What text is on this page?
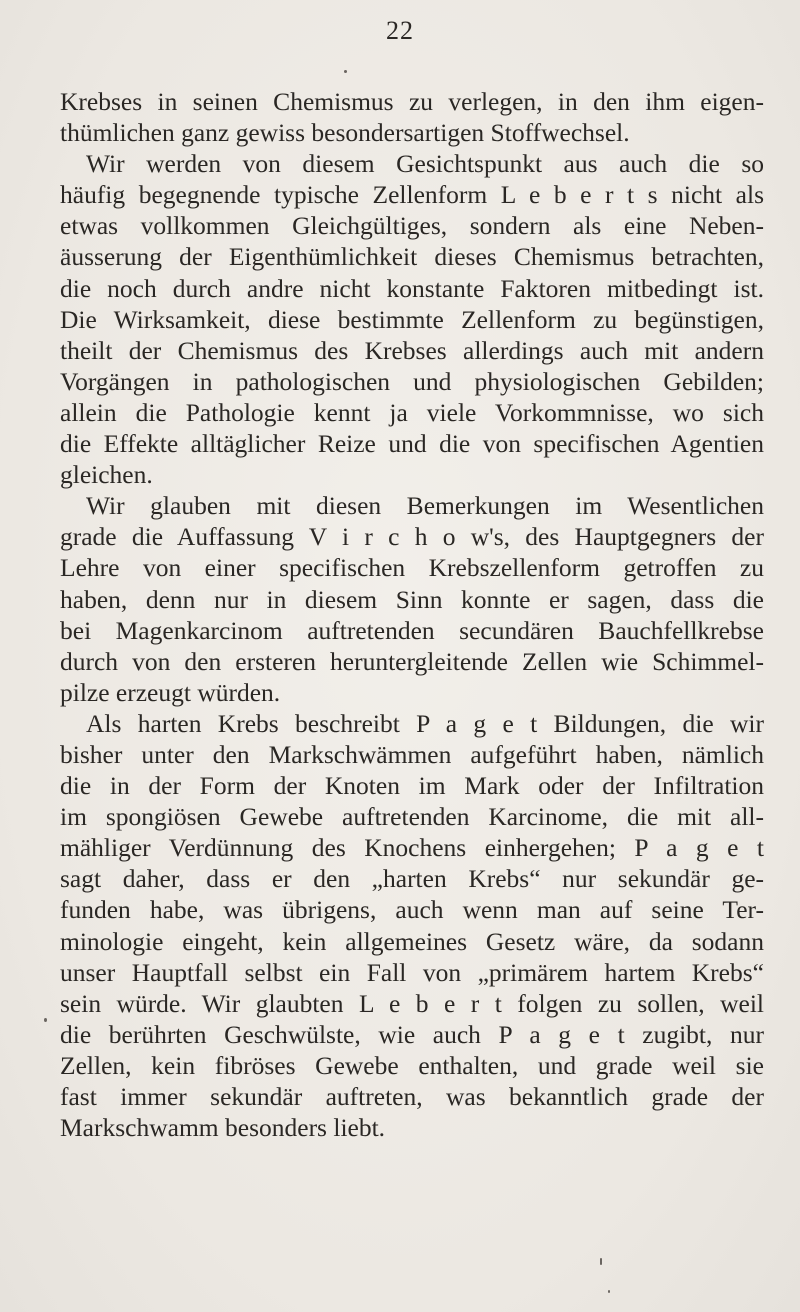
22
Krebses in seinen Chemismus zu verlegen, in den ihm eigen-
thümlichen ganz gewiss besondersartigen Stoffwechsel.
Wir werden von diesem Gesichtspunkt aus auch die so
häufig begegnende typische Zellenform L e b e r t s nicht als
etwas vollkommen Gleichgültiges, sondern als eine Neben-
äusserung der Eigenthümlichkeit dieses Chemismus betrachten,
die noch durch andre nicht konstante Faktoren mitbedingt ist.
Die Wirksamkeit, diese bestimmte Zellenform zu begünstigen,
theilt der Chemismus des Krebses allerdings auch mit andern
Vorgängen in pathologischen und physiologischen Gebilden;
allein die Pathologie kennt ja viele Vorkommnisse, wo sich
die Effekte alltäglicher Reize und die von specifischen Agentien
gleichen.
Wir glauben mit diesen Bemerkungen im Wesentlichen
grade die Auffassung V i r c h o w's, des Hauptgegners der
Lehre von einer specifischen Krebszellenform getroffen zu
haben, denn nur in diesem Sinn konnte er sagen, dass die
bei Magenkarcinom auftretenden secundären Bauchfellkrebse
durch von den ersteren heruntergleitende Zellen wie Schimmel-
pilze erzeugt würden.
Als harten Krebs beschreibt P a g e t Bildungen, die wir
bisher unter den Markschwämmen aufgeführt haben, nämlich
die in der Form der Knoten im Mark oder der Infiltration
im spongiösen Gewebe auftretenden Karcinome, die mit all-
mähliger Verdünnung des Knochens einhergehen; P a g e t
sagt daher, dass er den „harten Krebs“ nur sekundär ge-
funden habe, was übrigens, auch wenn man auf seine Ter-
minologie eingeht, kein allgemeines Gesetz wäre, da sodann
unser Hauptfall selbst ein Fall von „primärem hartem Krebs“
sein würde. Wir glaubten L e b e r t folgen zu sollen, weil
die berührten Geschwülste, wie auch P a g e t zugibt, nur
Zellen, kein fibröses Gewebe enthalten, und grade weil sie
fast immer sekundär auftreten, was bekanntlich grade der
Markschwamm besonders liebt.
